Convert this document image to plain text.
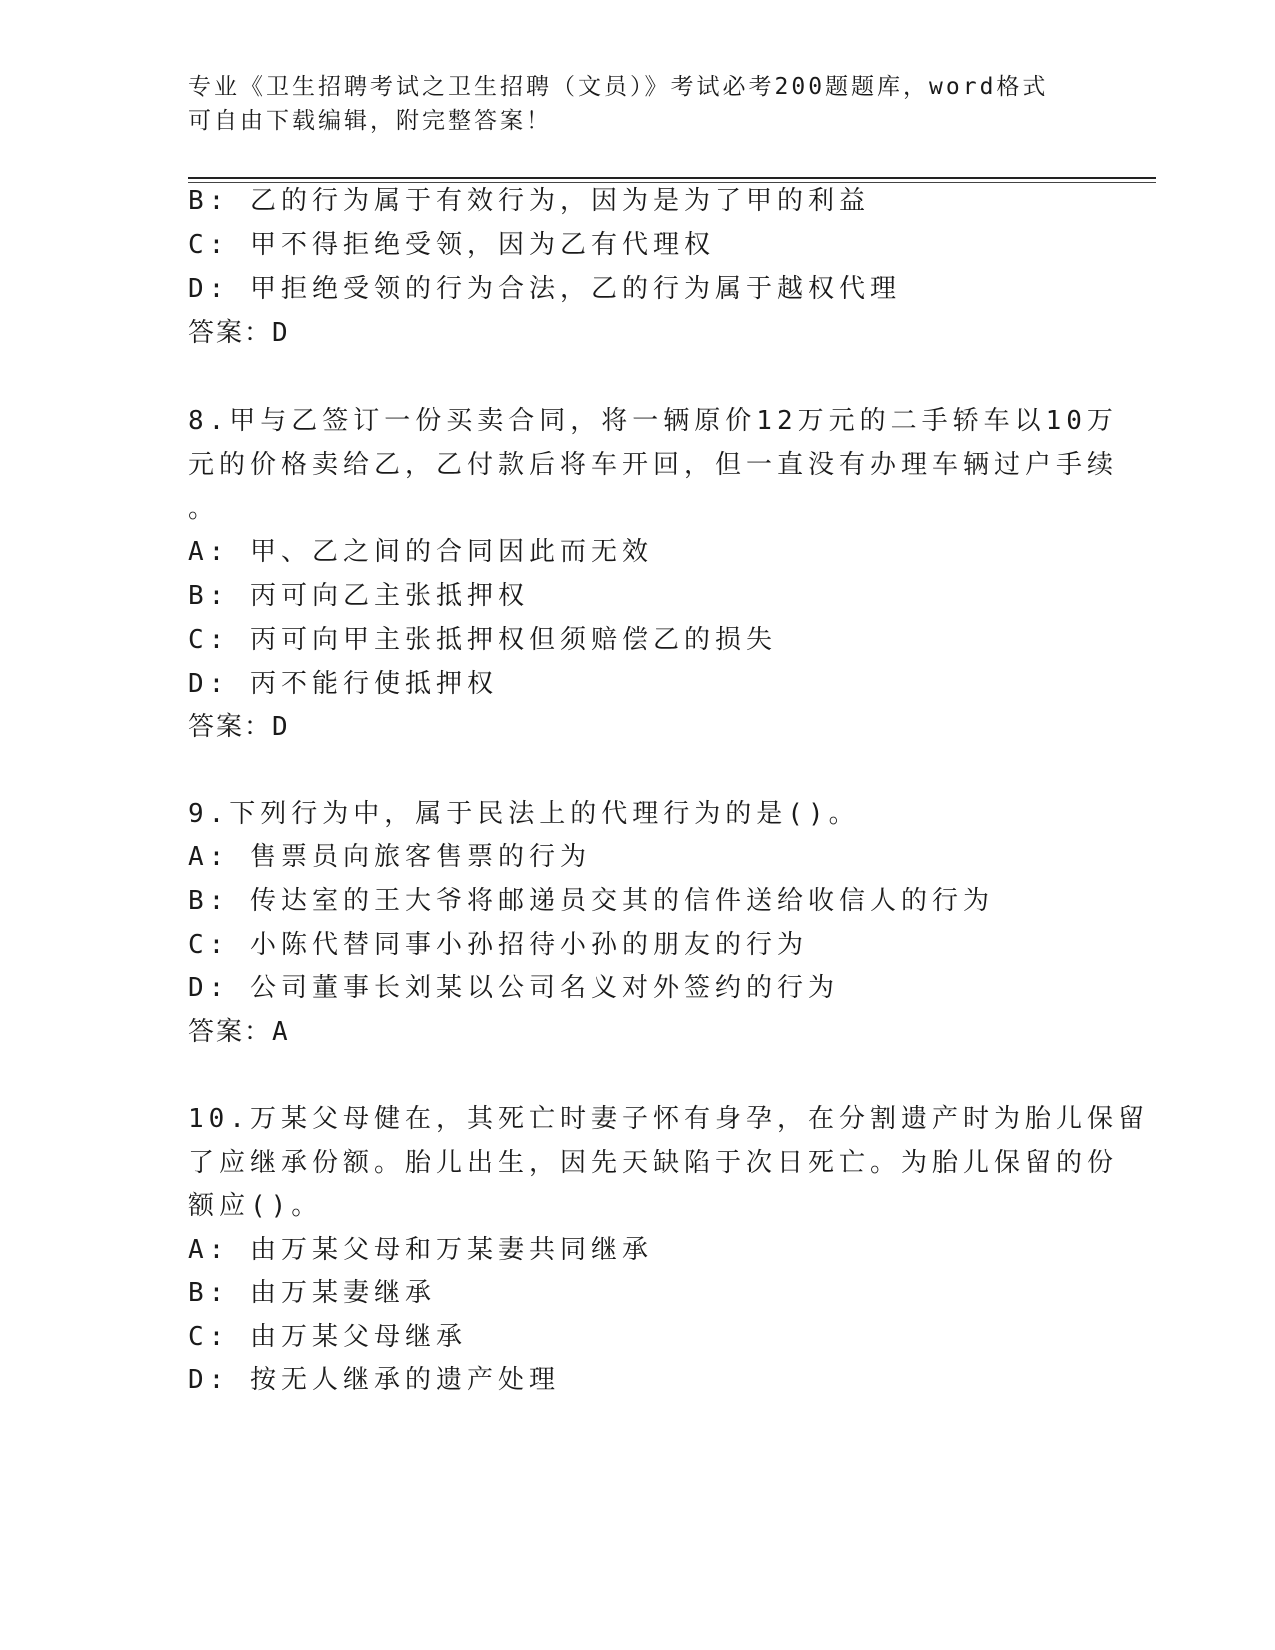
专业《卫生招聘考试之卫生招聘（文员）》考试必考200题题库，word格式可自由下载编辑，附完整答案！
B: 乙的行为属于有效行为，因为是为了甲的利益
C: 甲不得拒绝受领，因为乙有代理权
D: 甲拒绝受领的行为合法，乙的行为属于越权代理
答案：D
8.甲与乙签订一份买卖合同，将一辆原价12万元的二手轿车以10万
元的价格卖给乙，乙付款后将车开回，但一直没有办理车辆过户手续
。
A: 甲、乙之间的合同因此而无效
B: 丙可向乙主张抵押权
C: 丙可向甲主张抵押权但须赔偿乙的损失
D: 丙不能行使抵押权
答案：D
9.下列行为中，属于民法上的代理行为的是()。
A: 售票员向旅客售票的行为
B: 传达室的王大爷将邮递员交其的信件送给收信人的行为
C: 小陈代替同事小孙招待小孙的朋友的行为
D: 公司董事长刘某以公司名义对外签约的行为
答案：A
10.万某父母健在，其死亡时妻子怀有身孕，在分割遗产时为胎儿保留
了应继承份额。胎儿出生，因先天缺陷于次日死亡。为胎儿保留的份
额应()。
A: 由万某父母和万某妻共同继承
B: 由万某妻继承
C: 由万某父母继承
D: 按无人继承的遗产处理
